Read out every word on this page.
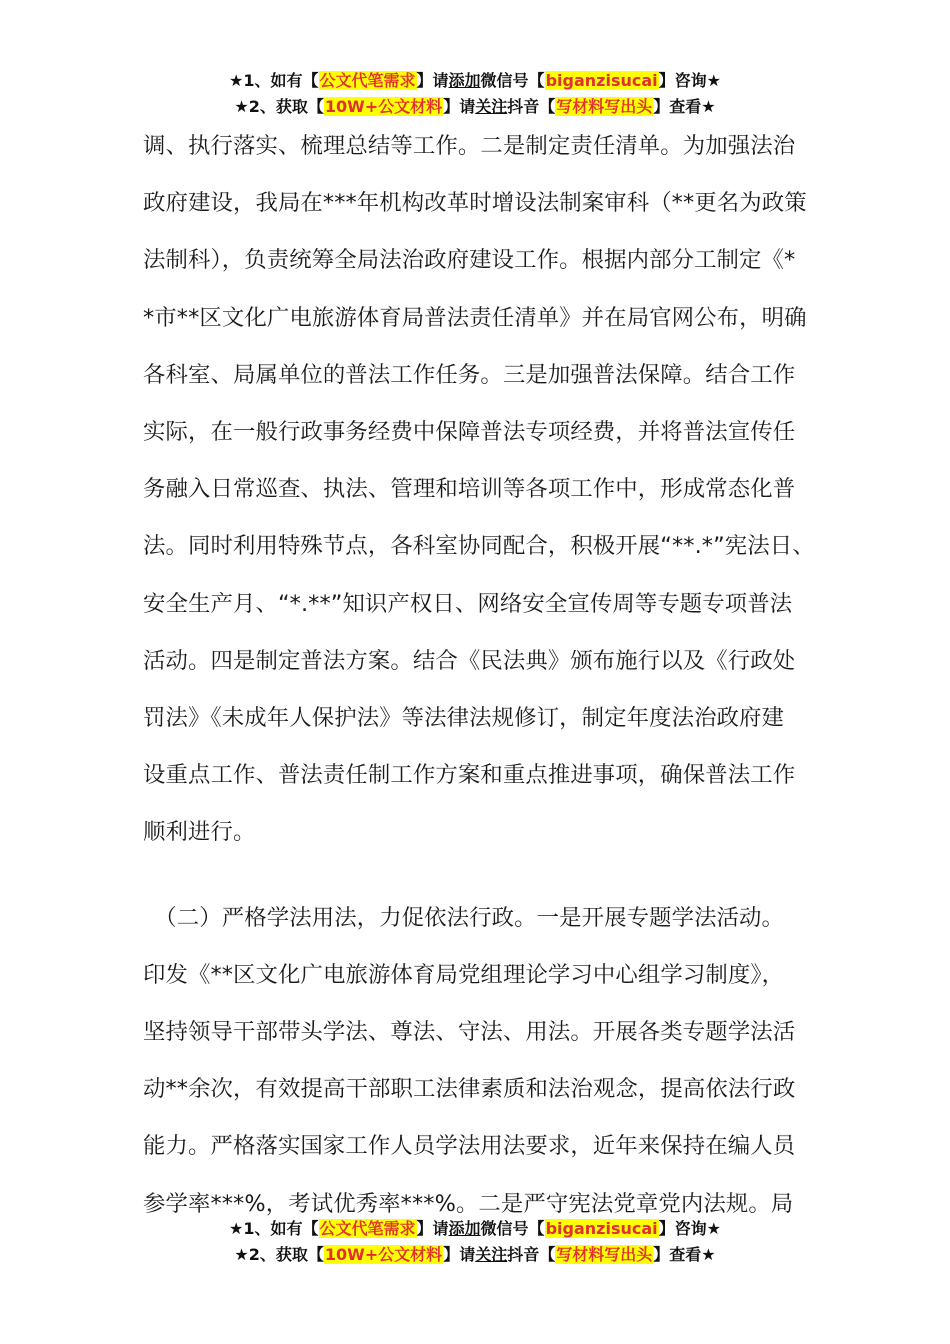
★1、如有【公文代笔需求】请添加微信号【biganzisucai】咨询★
★2、获取【10W+公文材料】请关注抖音【写材料写出头】查看★

调、执行落实、梳理总结等工作。二是制定责任清单。为加强法治
政府建设，我局在***年机构改革时增设法制案审科（**更名为政策
法制科），负责统筹全局法治政府建设工作。根据内部分工制定《*
*市**区文化广电旅游体育局普法责任清单》并在局官网公布，明确
各科室、局属单位的普法工作任务。三是加强普法保障。结合工作
实际，在一般行政事务经费中保障普法专项经费，并将普法宣传任
务融入日常巡查、执法、管理和培训等各项工作中，形成常态化普
法。同时利用特殊节点，各科室协同配合，积极开展“**.*”宪法日、
安全生产月、“*.**”知识产权日、网络安全宣传周等专题专项普法
活动。四是制定普法方案。结合《民法典》颁布施行以及《行政处
罚法》《未成年人保护法》等法律法规修订，制定年度法治政府建
设重点工作、普法责任制工作方案和重点推进事项，确保普法工作
顺利进行。

　（二）严格学法用法，力促依法行政。一是开展专题学法活动。
印发《**区文化广电旅游体育局党组理论学习中心组学习制度》，
坚持领导干部带头学法、尊法、守法、用法。开展各类专题学法活
动**余次，有效提高干部职工法律素质和法治观念，提高依法行政
能力。严格落实国家工作人员学法用法要求，近年来保持在编人员
参学率***%，考试优秀率***%。二是严守宪法党章党内法规。局

★1、如有【公文代笔需求】请添加微信号【biganzisucai】咨询★
★2、获取【10W+公文材料】请关注抖音【写材料写出头】查看★
